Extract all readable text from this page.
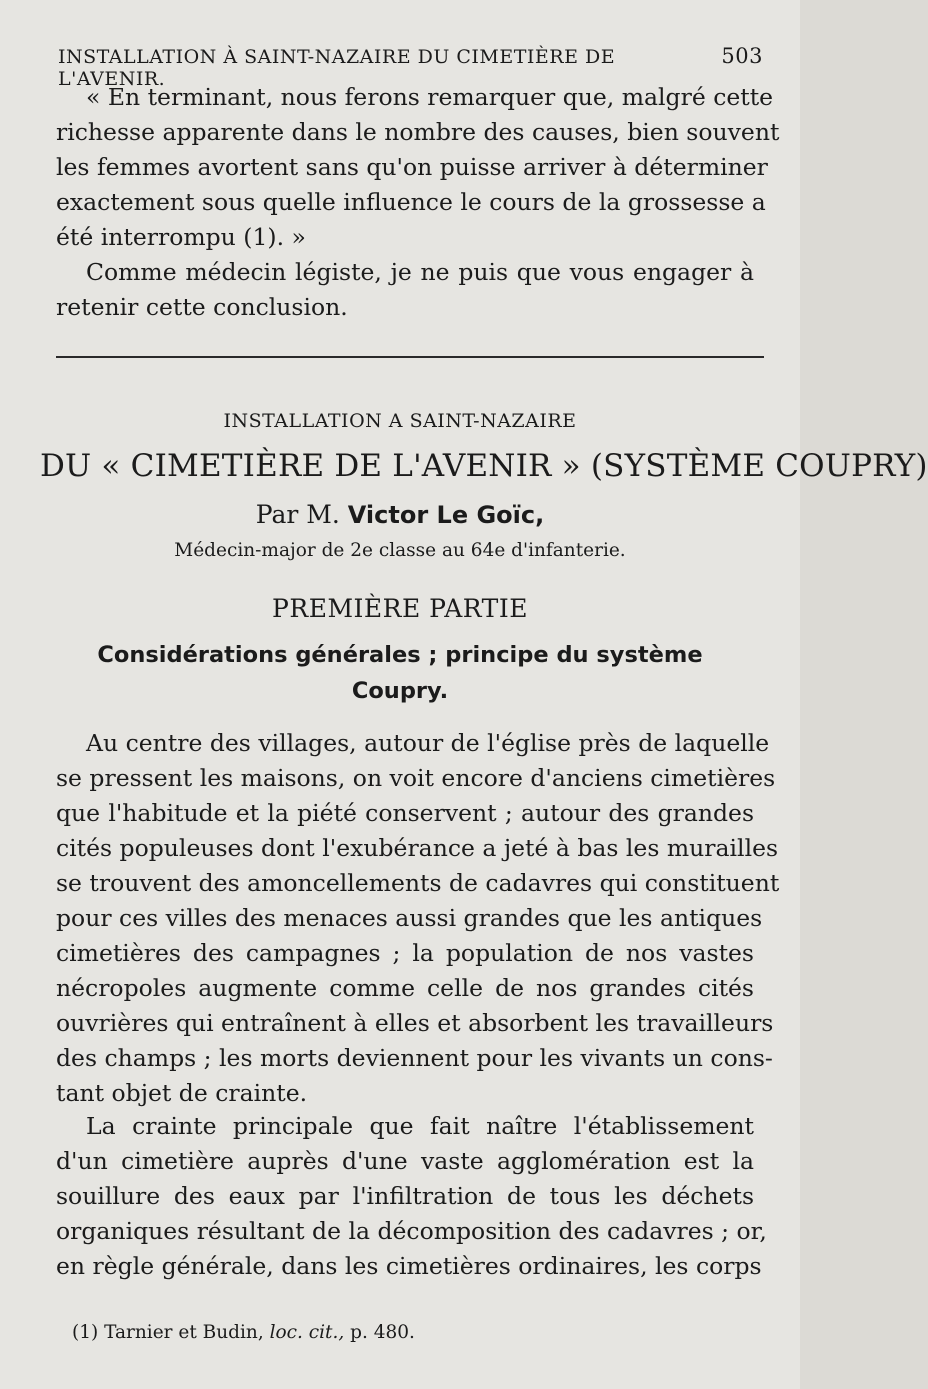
INSTALLATION À SAINT-NAZAIRE DU CIMETIÈRE DE L'AVENIR.
503
« En terminant, nous ferons remarquer que, malgré cette
richesse apparente dans le nombre des causes, bien souvent
les femmes avortent sans qu'on puisse arriver à déterminer
exactement sous quelle influence le cours de la grossesse a
été interrompu (1). »
Comme médecin légiste, je ne puis que vous engager à
retenir cette conclusion.
INSTALLATION A SAINT-NAZAIRE
DU « CIMETIÈRE DE L'AVENIR » (SYSTÈME COUPRY)
Par M. Victor Le Goïc,
Médecin-major de 2e classe au 64e d'infanterie.
PREMIÈRE PARTIE
Considérations générales ; principe du système
Coupry.
Au centre des villages, autour de l'église près de laquelle
se pressent les maisons, on voit encore d'anciens cimetières
que l'habitude et la piété conservent ; autour des grandes
cités populeuses dont l'exubérance a jeté à bas les murailles
se trouvent des amoncellements de cadavres qui constituent
pour ces villes des menaces aussi grandes que les antiques
cimetières des campagnes ; la population de nos vastes
nécropoles augmente comme celle de nos grandes cités
ouvrières qui entraînent à elles et absorbent les travailleurs
des champs ; les morts deviennent pour les vivants un cons-
tant objet de crainte.
La crainte principale que fait naître l'établissement
d'un cimetière auprès d'une vaste agglomération est la
souillure des eaux par l'infiltration de tous les déchets
organiques résultant de la décomposition des cadavres ; or,
en règle générale, dans les cimetières ordinaires, les corps
(1) Tarnier et Budin, loc. cit., p. 480.
